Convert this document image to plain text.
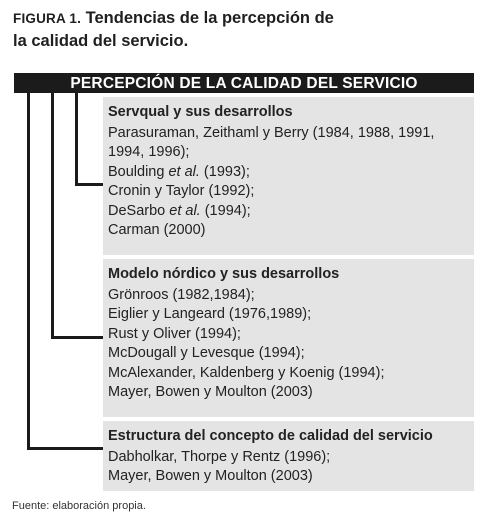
FIGURA 1. Tendencias de la percepción de
la calidad del servicio.
PERCEPCIÓN DE LA CALIDAD DEL SERVICIO
Servqual y sus desarrollos
Parasuraman, Zeithaml y Berry (1984, 1988, 1991,
1994, 1996);
Boulding et al. (1993);
Cronin y Taylor (1992);
DeSarbo et al. (1994);
Carman (2000)
Modelo nórdico y sus desarrollos
Grönroos (1982,1984);
Eiglier y Langeard (1976,1989);
Rust y Oliver (1994);
McDougall y Levesque (1994);
McAlexander, Kaldenberg y Koenig (1994);
Mayer, Bowen y Moulton (2003)
Estructura del concepto de calidad del servicio
Dabholkar, Thorpe y Rentz (1996);
Mayer, Bowen y Moulton (2003)
Fuente: elaboración propia.
